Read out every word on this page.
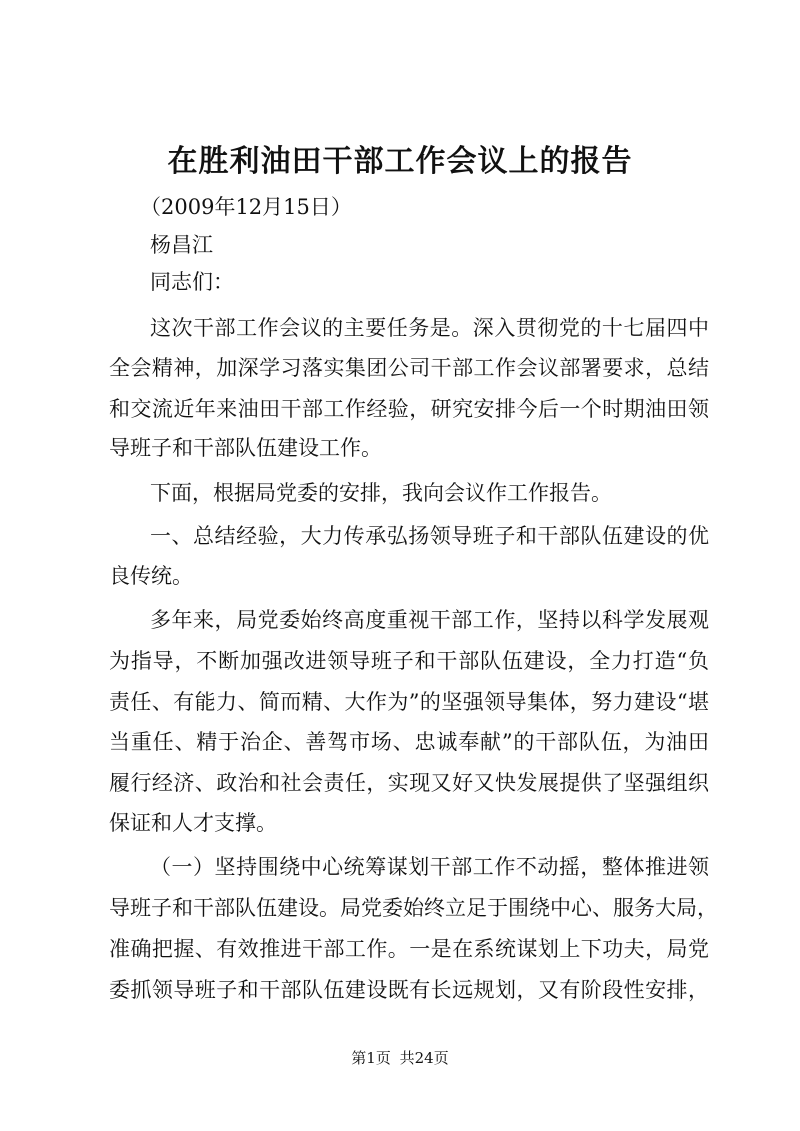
在胜利油田干部工作会议上的报告
（2009年12月15日）
杨昌江
同志们：
这次干部工作会议的主要任务是。深入贯彻党的十七届四中
全会精神，加深学习落实集团公司干部工作会议部署要求，总结
和交流近年来油田干部工作经验，研究安排今后一个时期油田领
导班子和干部队伍建设工作。
下面，根据局党委的安排，我向会议作工作报告。
一、总结经验，大力传承弘扬领导班子和干部队伍建设的优
良传统。
多年来，局党委始终高度重视干部工作，坚持以科学发展观
为指导，不断加强改进领导班子和干部队伍建设，全力打造“负
责任、有能力、简而精、大作为”的坚强领导集体，努力建设“堪
当重任、精于治企、善驾市场、忠诚奉献”的干部队伍，为油田
履行经济、政治和社会责任，实现又好又快发展提供了坚强组织
保证和人才支撑。
（一）坚持围绕中心统筹谋划干部工作不动摇，整体推进领
导班子和干部队伍建设。局党委始终立足于围绕中心、服务大局，
准确把握、有效推进干部工作。一是在系统谋划上下功夫，局党
委抓领导班子和干部队伍建设既有长远规划，又有阶段性安排，
第1页 共24页
